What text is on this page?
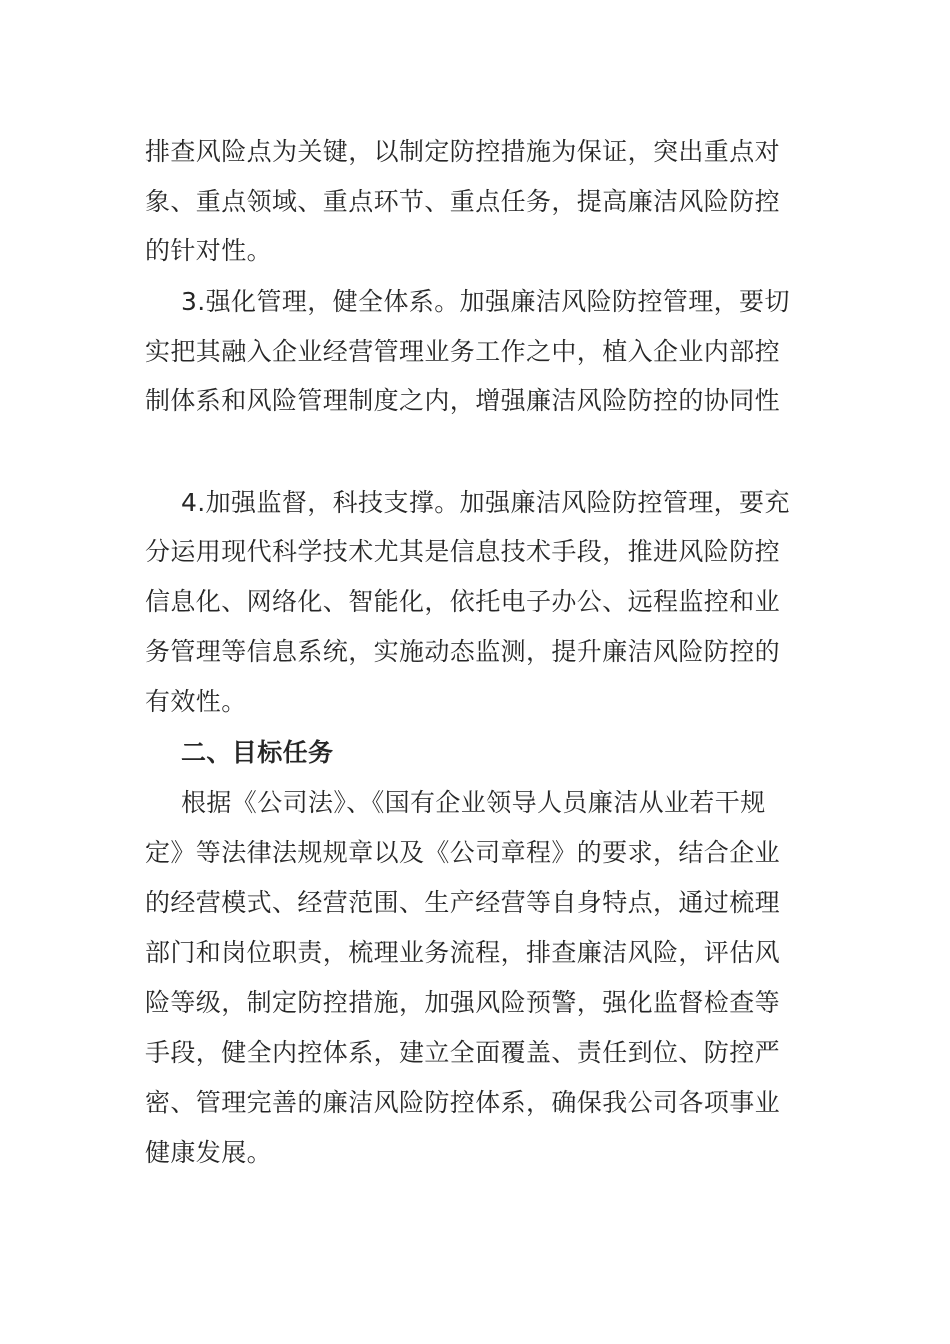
排查风险点为关键，以制定防控措施为保证，突出重点对
象、重点领域、重点环节、重点任务，提高廉洁风险防控
的针对性。
3.强化管理，健全体系。加强廉洁风险防控管理，要切
实把其融入企业经营管理业务工作之中，植入企业内部控
制体系和风险管理制度之内，增强廉洁风险防控的协同性
4.加强监督，科技支撑。加强廉洁风险防控管理，要充
分运用现代科学技术尤其是信息技术手段，推进风险防控
信息化、网络化、智能化，依托电子办公、远程监控和业
务管理等信息系统，实施动态监测，提升廉洁风险防控的
有效性。
二、目标任务
根据《公司法》、《国有企业领导人员廉洁从业若干规
定》等法律法规规章以及《公司章程》的要求，结合企业
的经营模式、经营范围、生产经营等自身特点，通过梳理
部门和岗位职责，梳理业务流程，排查廉洁风险，评估风
险等级，制定防控措施，加强风险预警，强化监督检查等
手段，健全内控体系，建立全面覆盖、责任到位、防控严
密、管理完善的廉洁风险防控体系，确保我公司各项事业
健康发展。
